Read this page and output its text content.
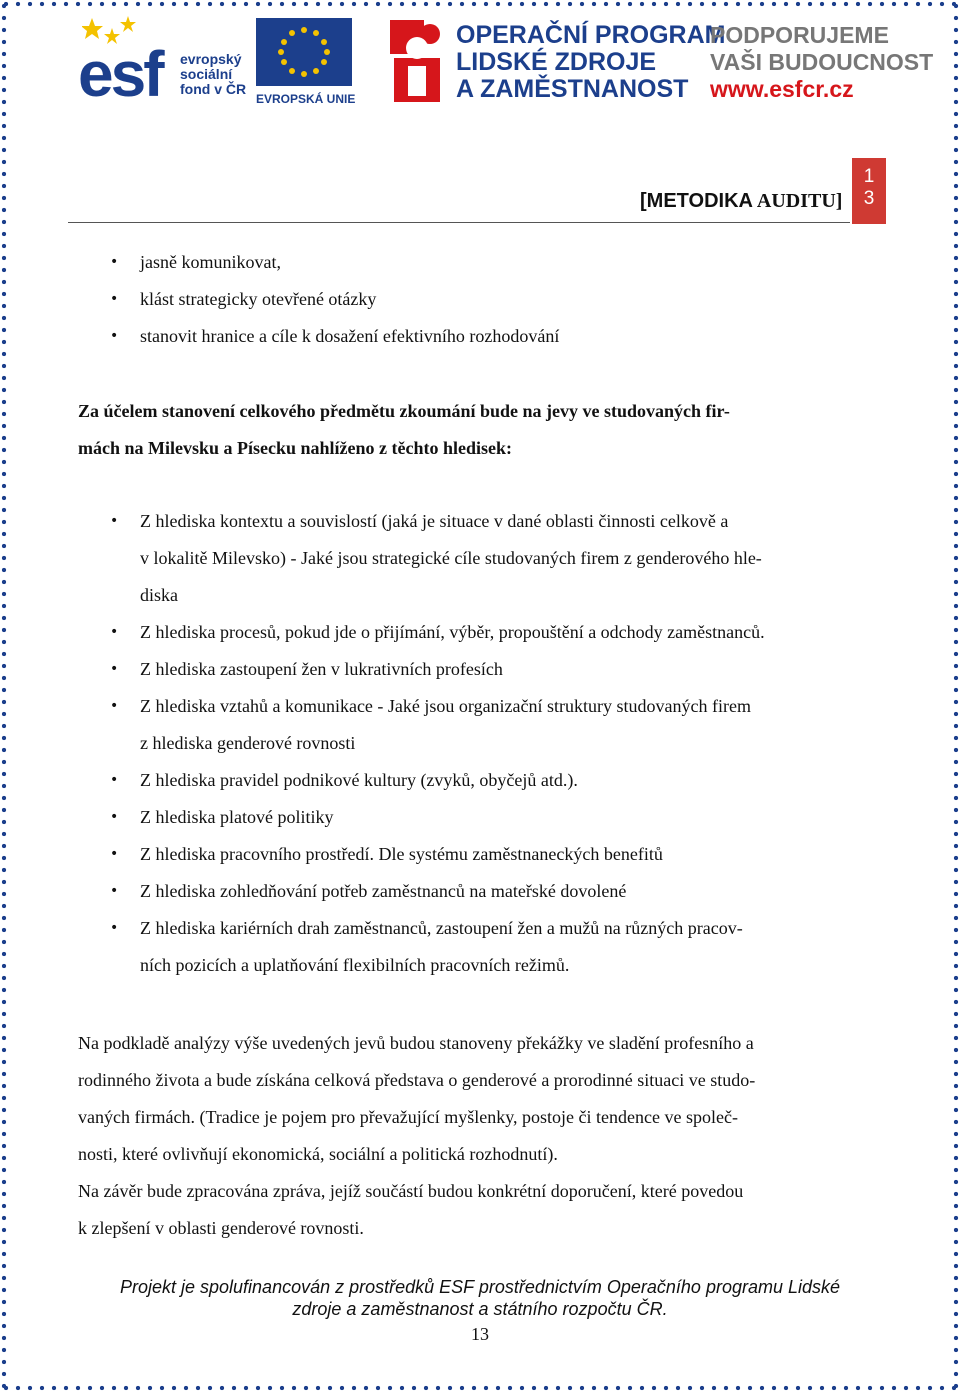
esf evropský
sociální
fond v ČR
EVROPSKÁ UNIE
OPERAČNÍ PROGRAM
LIDSKÉ ZDROJE
A ZAMĚSTNANOST
PODPORUJEME
VAŠI BUDOUCNOST
www.esfcr.cz
[METODIKA AUDITU]
1
3
• jasně komunikovat,
• klást strategicky otevřené otázky
• stanovit hranice a cíle k dosažení efektivního rozhodování
Za účelem stanovení celkového předmětu zkoumání bude na jevy ve studovaných fir-
mách na Milevsku a Písecku nahlíženo z těchto hledisek:
• Z hlediska kontextu a souvislostí (jaká je situace v dané oblasti činnosti celkově a
v lokalitě Milevsko) - Jaké jsou strategické cíle studovaných firem z genderového hle-
diska
• Z hlediska procesů, pokud jde o přijímání, výběr, propouštění a odchody zaměstnanců.
• Z hlediska zastoupení žen v lukrativních profesích
• Z hlediska vztahů a komunikace - Jaké jsou organizační struktury studovaných firem
z hlediska genderové rovnosti
• Z hlediska pravidel podnikové kultury (zvyků, obyčejů atd.).
• Z hlediska platové politiky
• Z hlediska pracovního prostředí. Dle systému zaměstnaneckých benefitů
• Z hlediska zohledňování potřeb zaměstnanců na mateřské dovolené
• Z hlediska kariérních drah zaměstnanců, zastoupení žen a mužů na různých pracov-
ních pozicích a uplatňování flexibilních pracovních režimů.

Na podkladě analýzy výše uvedených jevů budou stanoveny překážky ve sladění profesního a

rodinného života a bude získána celková představa o genderové a prorodinné situaci ve studo-

vaných firmách. (Tradice je pojem pro převažující myšlenky, postoje či tendence ve společ-

nosti, které ovlivňují ekonomická, sociální a politická rozhodnutí).

Na závěr bude zpracována zpráva, jejíž součástí budou konkrétní doporučení, které povedou

k zlepšení v oblasti genderové rovnosti.

Projekt je spolufinancován z prostředků ESF prostřednictvím Operačního programu Lidské
zdroje a zaměstnanost a státního rozpočtu ČR.
13
